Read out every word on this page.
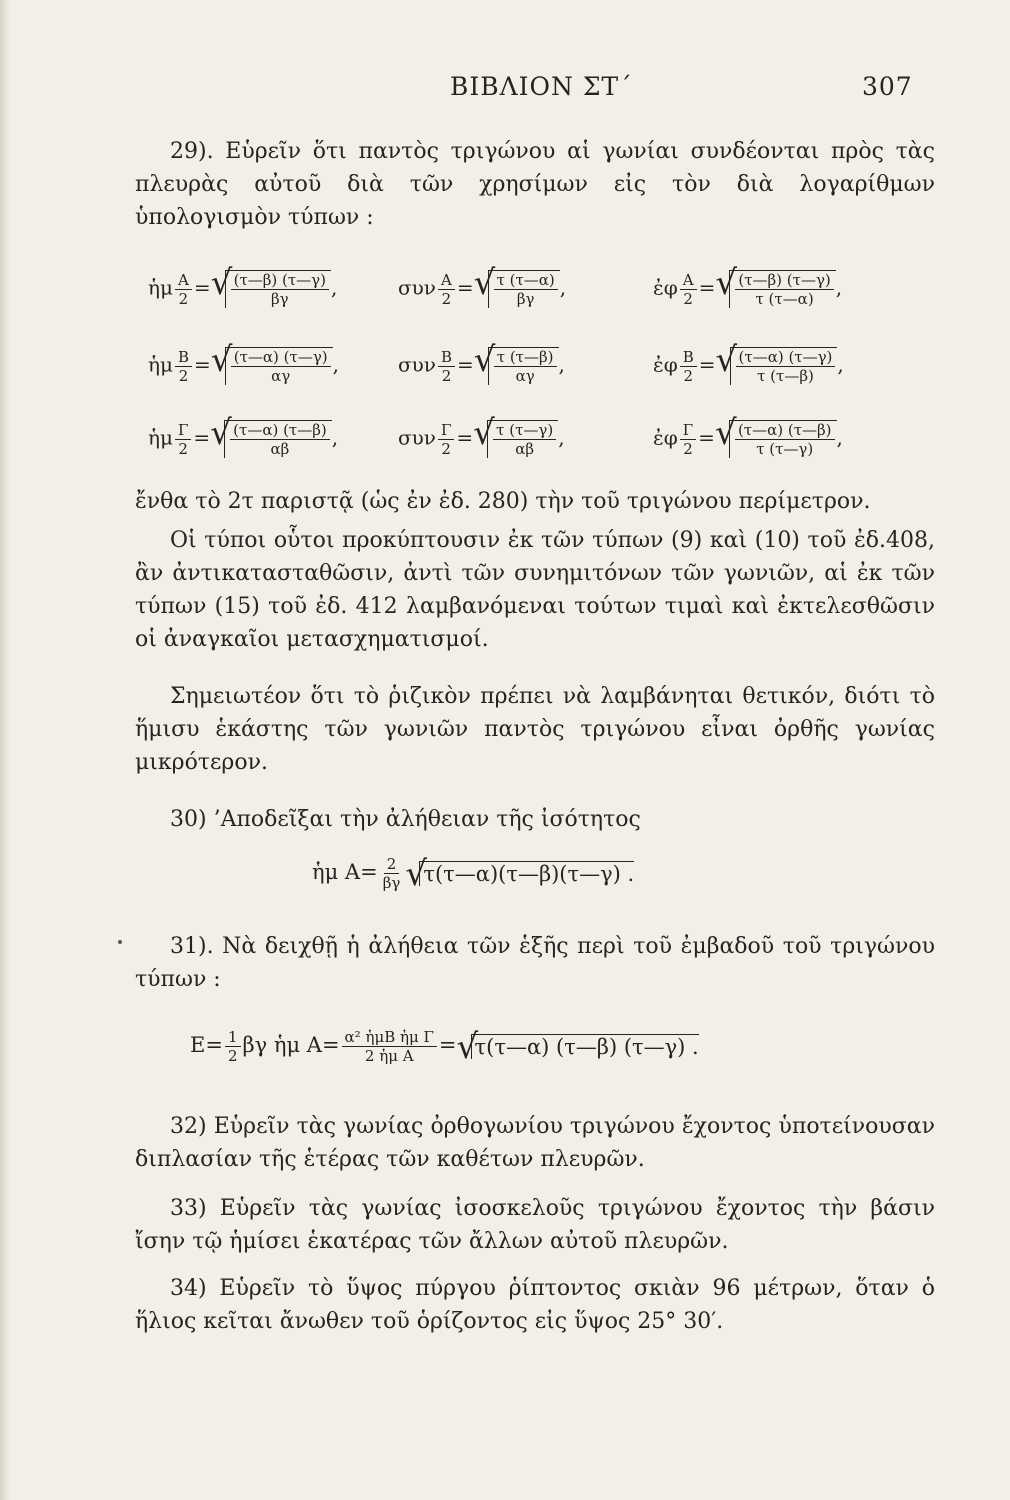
ΒΙΒΛΙΟΝ ΣΤ΄	307
29). Εὑρεῖν ὅτι παντὸς τριγώνου αἱ γωνίαι συνδέονται πρὸς τὰς πλευρὰς αὐτοῦ διὰ τῶν χρησίμων εἰς τὸν διὰ λογαρίθμων ὑπολογισμὸν τύπων :
ἡμ $\frac{A}{2}$ = √ $\frac{(\tau—\beta) (\tau—\gamma)}{\beta\gamma}$ ,	συν $\frac{A}{2}$ = √ $\frac{\tau (\tau—\alpha)}{\beta\gamma}$ ,	ἐφ $\frac{A}{2}$ = √ $\frac{(\tau—\beta) (\tau—\gamma)}{\tau (\tau—\alpha)}$ ,
ἡμ $\frac{B}{2}$ = √ $\frac{(\tau—\alpha) (\tau—\gamma)}{\alpha\gamma}$ ,	συν $\frac{B}{2}$ = √ $\frac{\tau (\tau—\beta)}{\alpha\gamma}$ ,	ἐφ $\frac{B}{2}$ = √ $\frac{(\tau—\alpha) (\tau—\gamma)}{\tau (\tau—\beta)}$ ,
ἡμ $\frac{\Gamma}{2}$ = √ $\frac{(\tau—\alpha) (\tau—\beta)}{\alpha\beta}$ ,	συν $\frac{\Gamma}{2}$ = √ $\frac{\tau (\tau—\gamma)}{\alpha\beta}$ ,	ἐφ $\frac{\Gamma}{2}$ = √ $\frac{(\tau—\alpha) (\tau—\beta)}{\tau (\tau—\gamma)}$ ,
ἔνθα τὸ 2τ παριστᾷ (ὡς ἐν ἐδ. 280) τὴν τοῦ τριγώνου περίμετρον.
Οἱ τύποι οὗτοι προκύπτουσιν ἐκ τῶν τύπων (9) καὶ (10) τοῦ ἐδ.408, ἂν ἀντικατασταθῶσιν, ἀντὶ τῶν συνημιτόνων τῶν γωνιῶν, αἱ ἐκ τῶν τύπων (15) τοῦ ἐδ. 412 λαμβανόμεναι τούτων τιμαὶ καὶ ἐκτελεσθῶσιν οἱ ἀναγκαῖοι μετασχηματισμοί.
Σημειωτέον ὅτι τὸ ῥιζικὸν πρέπει νὰ λαμβάνηται θετικόν, διότι τὸ ἥμισυ ἑκάστης τῶν γωνιῶν παντὸς τριγώνου εἶναι ὀρθῆς γωνίας μικρότερον.
30) ’Αποδεῖξαι τὴν ἀλήθειαν τῆς ἰσότητος
ἡμ $A= \frac{2}{\beta\gamma}$ √ τ(τ—α)(τ—β)(τ—γ) .
31). Νὰ δειχθῇ ἡ ἀλήθεια τῶν ἑξῆς περὶ τοῦ ἐμβαδοῦ τοῦ τριγώνου τύπων :
$E= \frac{1}{2}$ βγ ἡμ $A= \frac{\text{α² ἡμB ἡμ Γ}}{\text{2 ἡμ A}}$ = √ τ(τ—α) (τ—β) (τ—γ) .
32) Εὑρεῖν τὰς γωνίας ὀρθογωνίου τριγώνου ἔχοντος ὑποτείνουσαν διπλασίαν τῆς ἑτέρας τῶν καθέτων πλευρῶν.
33) Εὑρεῖν τὰς γωνίας ἰσοσκελοῦς τριγώνου ἔχοντος τὴν βάσιν ἴσην τῷ ἡμίσει ἑκατέρας τῶν ἄλλων αὐτοῦ πλευρῶν.
34) Εὑρεῖν τὸ ὕψος πύργου ῥίπτοντος σκιὰν 96 μέτρων, ὅταν ὁ ἥλιος κεῖται ἄνωθεν τοῦ ὁρίζοντος εἰς ὕψος 25° 30′.
